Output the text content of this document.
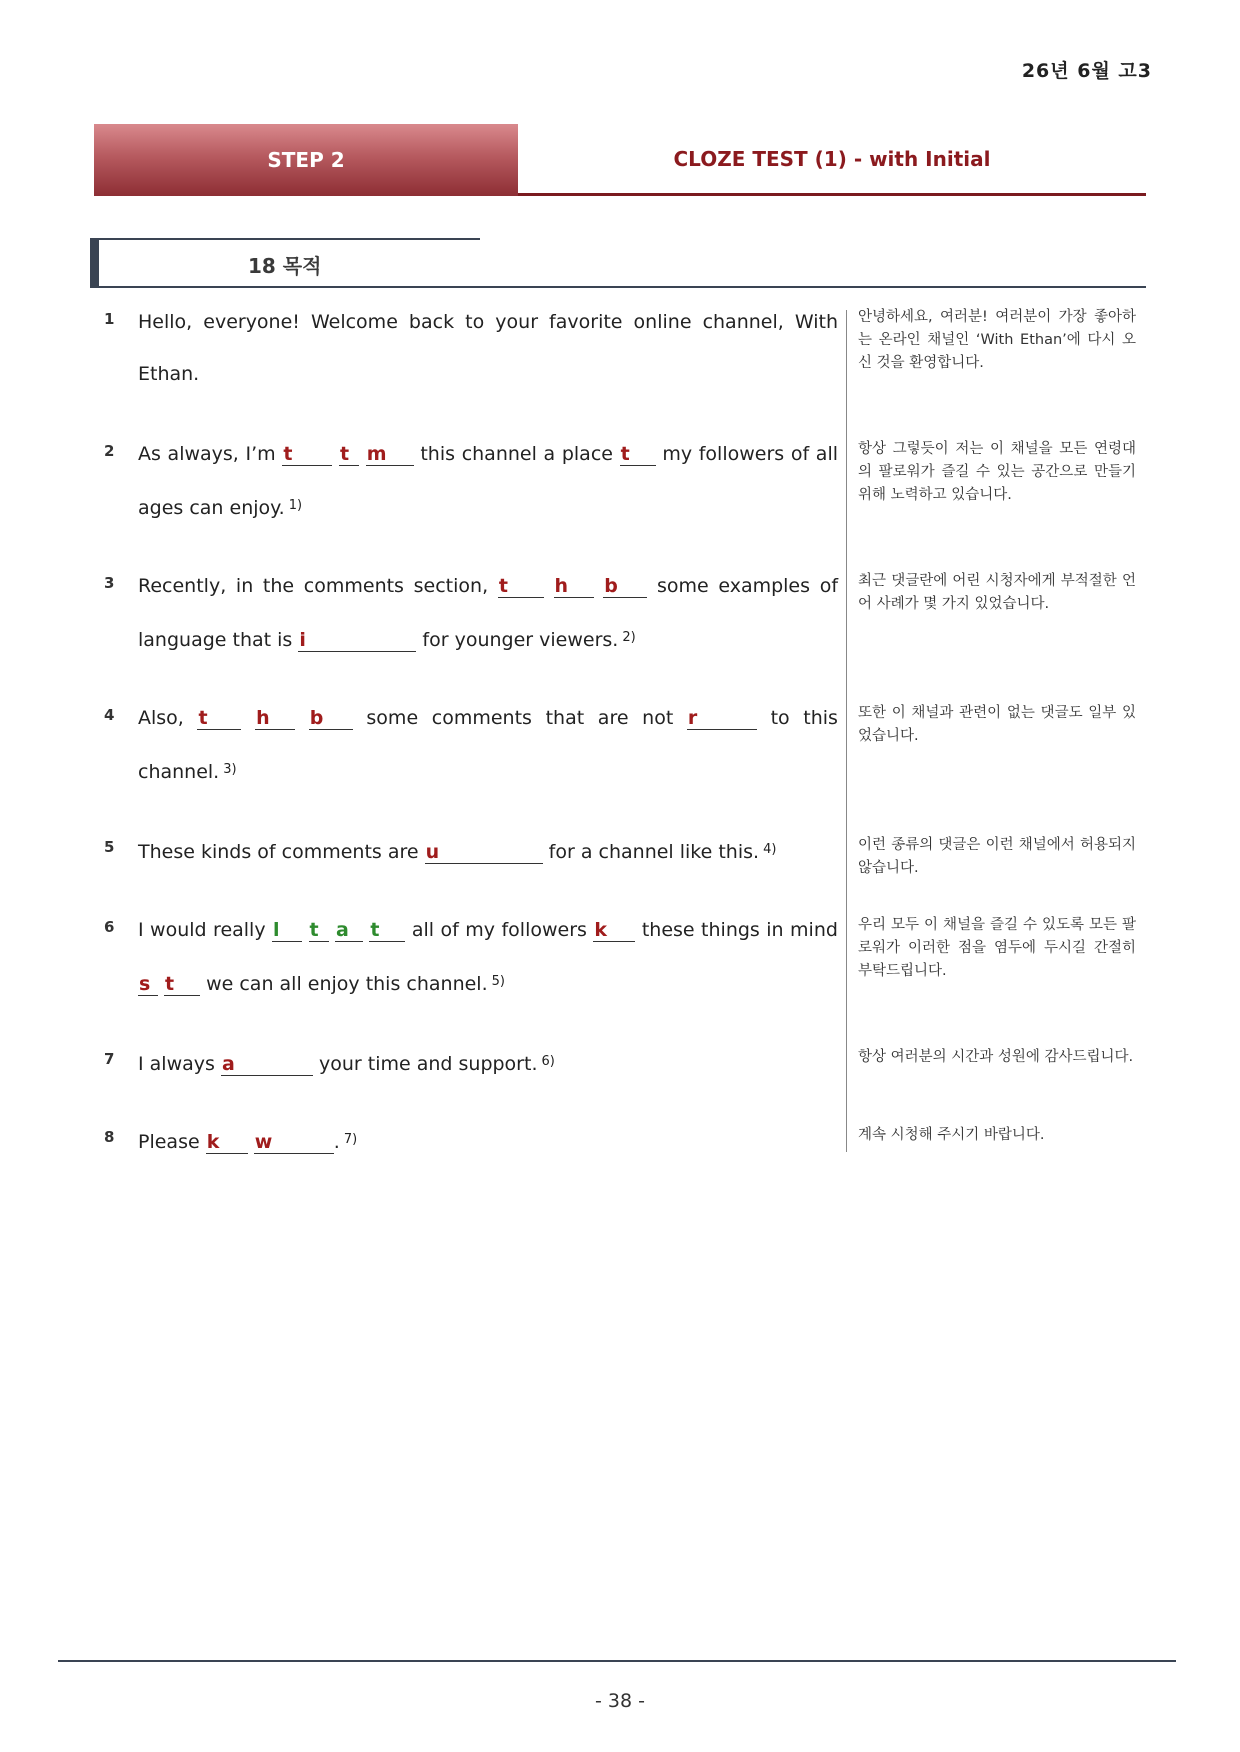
26년 6월 고3
STEP 2	CLOZE TEST (1) - with Initial
18 목적
1 Hello, everyone! Welcome back to your favorite online channel, With Ethan.
안녕하세요, 여러분! 여러분이 가장 좋아하는 온라인 채널인 ‘With Ethan’에 다시 오신 것을 환영합니다.
2 As always, I’m t	t m this channel a place t my followers of all ages can enjoy. $^{1)}$
항상 그렇듯이 저는 이 채널을 모든 연령대의 팔로워가 즐길 수 있는 공간으로 만들기 위해 노력하고 있습니다.
3 Recently, in the comments section, t h b some examples of language that is i	for younger viewers. $^{2)}$
최근 댓글란에 어린 시청자에게 부적절한 언어 사례가 몇 가지 있었습니다.
4 Also, t	h b some comments that are not r	to this channel. $^{3)}$
또한 이 채널과 관련이 없는 댓글도 일부 있었습니다.
5 These kinds of comments are u	for a channel like this. $^{4)}$	이런 종류의 댓글은 이런 채널에서 허용되지 않습니다.
6 I would really l t a t all of my followers k these things in mind s t we can all enjoy this channel. $^{5)}$
우리 모두 이 채널을 즐길 수 있도록 모든 팔로워가 이러한 점을 염두에 두시길 간절히 부탁드립니다.
7 I always a	your time and support. $^{6)}$	항상 여러분의 시간과 성원에 감사드립니다.
8 Please k w	. $^{7)}$	계속 시청해 주시기 바랍니다.
- 38 -
